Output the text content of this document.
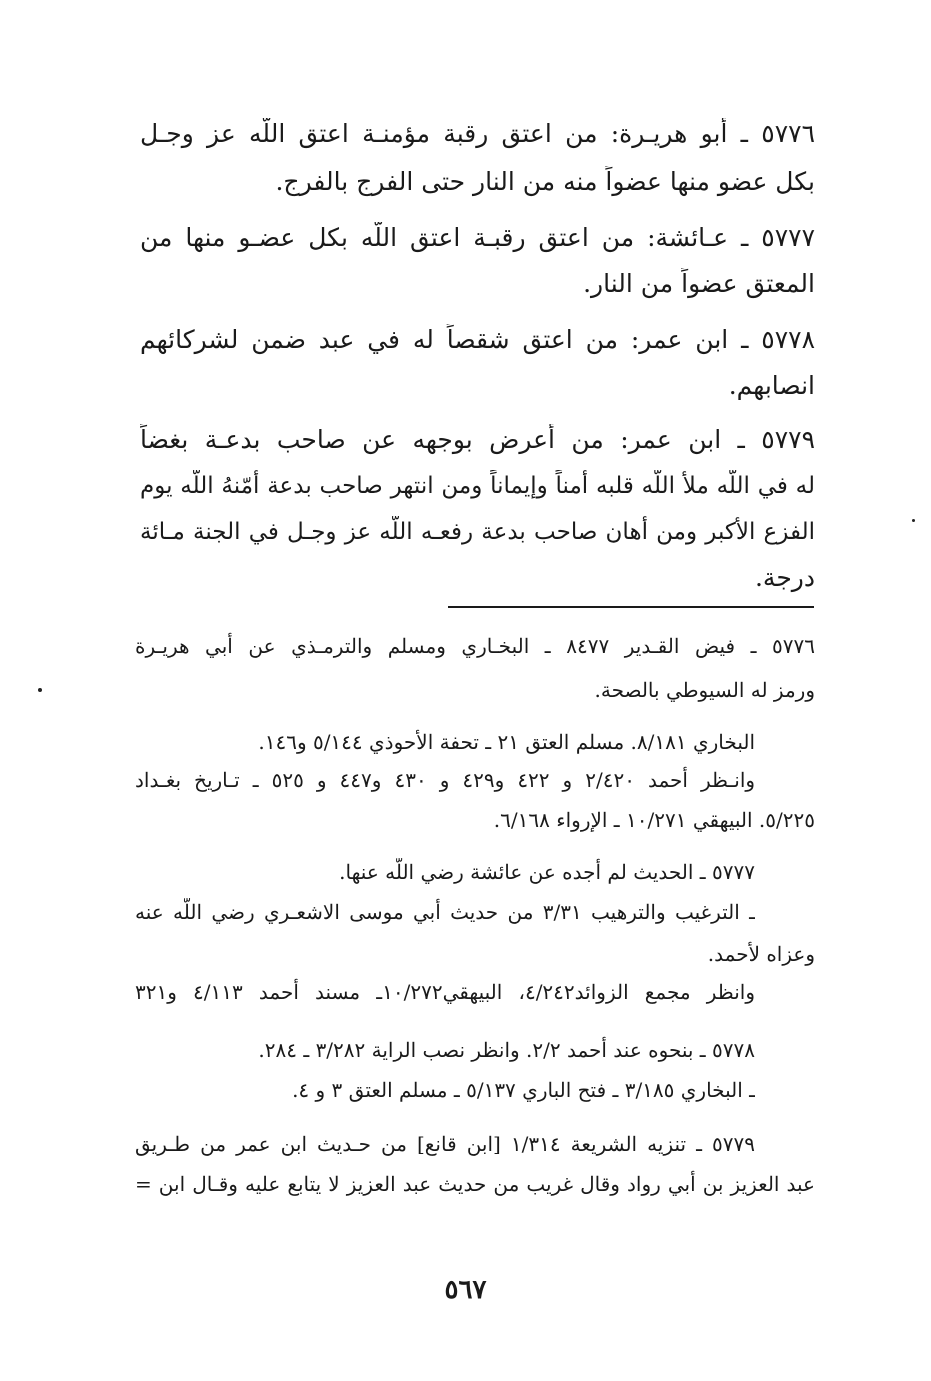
٥٧٧٦ ـ أبو هريـرة: من اعتق رقبة مؤمنـة اعتق اللّه عز وجـل
بكل عضو منها عضواً منه من النار حتى الفرج بالفرج.
٥٧٧٧ ـ عـائشة: من اعتق رقبـة اعتق اللّه بكل عضـو منها من
المعتق عضواً من النار.
٥٧٧٨ ـ ابن عمر: من اعتق شقصاً له في عبد ضمن لشركائهم
انصابهم.
٥٧٧٩ ـ ابن عمر: من أعرض بوجهه عن صاحب بدعـة بغضاً
له في اللّه ملأ اللّه قلبه أمناً وإيماناً ومن انتهر صاحب بدعة أمّنهُ اللّه يوم
الفزع الأكبر ومن أهان صاحب بدعة رفعـه اللّه عز وجـل في الجنة مـائة
درجة.
٥٧٧٦ ـ فيض القـدير ٨٤٧٧ ـ البخـاري ومسلم والترمـذي عن أبي هريـرة
ورمز له السيوطي بالصحة.
البخاري ٨/١٨١. مسلم العتق ٢١ ـ تحفة الأحوذي ٥/١٤٤ و١٤٦.
وانـظر أحمد ٢/٤٢٠ و ٤٢٢ و٤٢٩ و ٤٣٠ و٤٤٧ و ٥٢٥ ـ تـاريخ بغـداد
٥/٢٢٥. البيهقي ١٠/٢٧١ ـ الإرواء ٦/١٦٨.
٥٧٧٧ ـ الحديث لم أجده عن عائشة رضي اللّه عنها.
ـ الترغيب والترهيب ٣/٣١ من حديث أبي موسى الاشعـري رضي اللّه عنه
وعزاه لأحمد.
وانظر مجمع الزوائد٤/٢٤٢، البيهقي١٠/٢٧٢ـ مسند أحمد ٤/١١٣ و٣٢١
٥٧٧٨ ـ بنحوه عند أحمد ٢/٢. وانظر نصب الراية ٣/٢٨٢ ـ ٢٨٤.
ـ البخاري ٣/١٨٥ ـ فتح الباري ٥/١٣٧ ـ مسلم العتق ٣ و ٤.
٥٧٧٩ ـ تنزيه الشريعة ١/٣١٤ [ابن قانع] من حـديث ابن عمر من طـريق
عبد العزيز بن أبي رواد وقال غريب من حديث عبد العزيز لا يتابع عليه وقـال ابن =
٥٦٧
